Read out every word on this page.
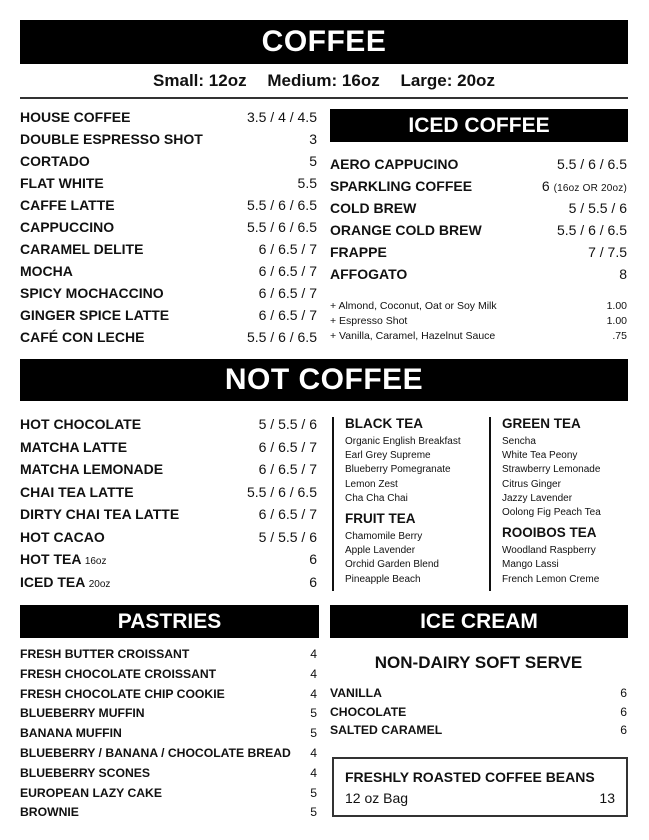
COFFEE
Small: 12oz Medium: 16oz Large: 20oz
HOUSE COFFEE	3.5 / 4 / 4.5
DOUBLE ESPRESSO SHOT	3
CORTADO	5
FLAT WHITE	5.5
CAFFE LATTE	5.5 / 6 / 6.5
CAPPUCCINO	5.5 / 6 / 6.5
CARAMEL DELITE	6 / 6.5 / 7
MOCHA	6 / 6.5 / 7
SPICY MOCHACCINO	6 / 6.5 / 7
GINGER SPICE LATTE	6 / 6.5 / 7
CAFÉ CON LECHE	5.5 / 6 / 6.5
ICED COFFEE
AERO CAPPUCINO	5.5 / 6 / 6.5
SPARKLING COFFEE	6 (16oz OR 20oz)
COLD BREW	5 / 5.5 / 6
ORANGE COLD BREW	5.5 / 6 / 6.5
FRAPPE	7 / 7.5
AFFOGATO	8
+ Almond, Coconut, Oat or Soy Milk	1.00
+ Espresso Shot	1.00
+ Vanilla, Caramel, Hazelnut Sauce	.75
NOT COFFEE
HOT CHOCOLATE	5 / 5.5 / 6
MATCHA LATTE	6 / 6.5 / 7
MATCHA LEMONADE	6 / 6.5 / 7
CHAI TEA LATTE	5.5 / 6 / 6.5
DIRTY CHAI TEA LATTE	6 / 6.5 / 7
HOT CACAO	5 / 5.5 / 6
HOT TEA 16oz	6
ICED TEA 20oz	6
BLACK TEA
Organic English Breakfast
Earl Grey Supreme
Blueberry Pomegranate
Lemon Zest
Cha Cha Chai
FRUIT TEA
Chamomile Berry
Apple Lavender
Orchid Garden Blend
Pineapple Beach
GREEN TEA
Sencha
White Tea Peony
Strawberry Lemonade
Citrus Ginger
Jazzy Lavender
Oolong Fig Peach Tea
ROOIBOS TEA
Woodland Raspberry
Mango Lassi
French Lemon Creme
PASTRIES
FRESH BUTTER CROISSANT	4
FRESH CHOCOLATE CROISSANT	4
FRESH CHOCOLATE CHIP COOKIE	4
BLUEBERRY MUFFIN	5
BANANA MUFFIN	5
BLUEBERRY / BANANA / CHOCOLATE BREAD 4
BLUEBERRY SCONES	4
EUROPEAN LAZY CAKE	5
BROWNIE	5
ICE CREAM
NON-DAIRY SOFT SERVE
VANILLA	6
CHOCOLATE	6
SALTED CARAMEL	6
FRESHLY ROASTED COFFEE BEANS
12 oz Bag	13
